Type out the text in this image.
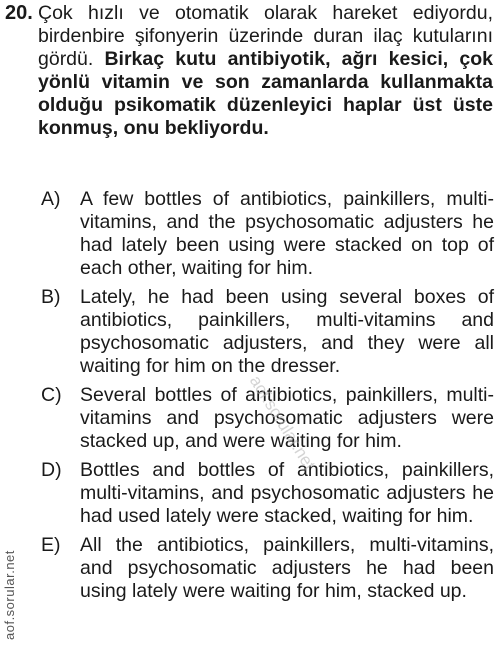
20. Çok hızlı ve otomatik olarak hareket ediyordu, birdenbire şifonyerin üzerinde duran ilaç kutularını gördü. Birkaç kutu antibiyotik, ağrı kesici, çok yönlü vitamin ve son zamanlarda kullanmakta olduğu psikomatik düzenleyici haplar üst üste konmuş, onu bekliyordu.
A) A few bottles of antibiotics, painkillers, multi-vitamins, and the psychosomatic adjusters he had lately been using were stacked on top of each other, waiting for him.
B) Lately, he had been using several boxes of antibiotics, painkillers, multi-vitamins and psychosomatic adjusters, and they were all waiting for him on the dresser.
C) Several bottles of antibiotics, painkillers, multi-vitamins and psychosomatic adjusters were stacked up, and were waiting for him.
D) Bottles and bottles of antibiotics, painkillers, multi-vitamins, and psychosomatic adjusters he had used lately were stacked, waiting for him.
E) All the antibiotics, painkillers, multi-vitamins, and psychosomatic adjusters he had been using lately were waiting for him, stacked up.
aof.sorular.net
aof.sorular.net
